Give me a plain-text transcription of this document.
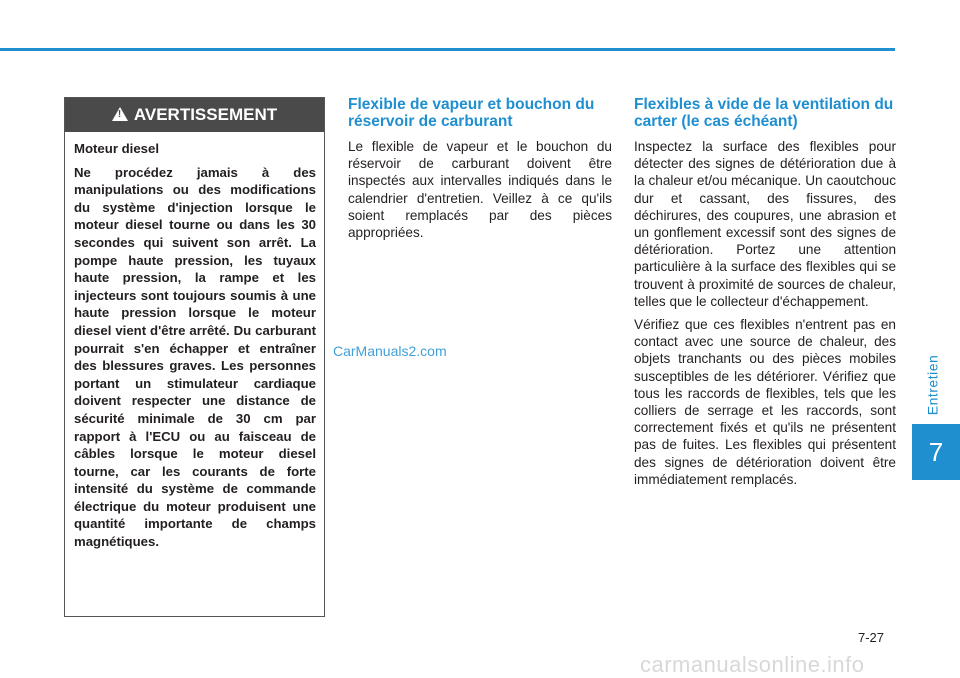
Entretien
7
!
AVERTISSEMENT

Moteur diesel

Ne procédez jamais à des manipulations ou des modifications du système d'injection lorsque le moteur diesel tourne ou dans les 30 secondes qui suivent son arrêt. La pompe haute pression, les tuyaux haute pression, la rampe et les injecteurs sont toujours soumis à une haute pression lorsque le moteur diesel vient d'être arrêté. Du carburant pourrait s'en échapper et entraîner des blessures graves. Les personnes portant un stimulateur cardiaque doivent respecter une distance de sécurité minimale de 30 cm par rapport à l'ECU ou au faisceau de câbles lorsque le moteur diesel tourne, car les courants de forte intensité du système de commande électrique du moteur produisent une quantité importante de champs magnétiques.

Flexible de vapeur et bouchon du réservoir de carburant

Le flexible de vapeur et le bouchon du réservoir de carburant doivent être inspectés aux intervalles indiqués dans le calendrier d'entretien. Veillez à ce qu'ils soient remplacés par des pièces appropriées.

Flexibles à vide de la ventilation du carter (le cas échéant)

Inspectez la surface des flexibles pour détecter des signes de détérioration due à la chaleur et/ou mécanique. Un caoutchouc dur et cassant, des fissures, des déchirures, des coupures, une abrasion et un gonflement excessif sont des signes de détérioration. Portez une attention particulière à la surface des flexibles qui se trouvent à proximité de sources de chaleur, telles que le collecteur d'échappement.

Vérifiez que ces flexibles n'entrent pas en contact avec une source de chaleur, des objets tranchants ou des pièces mobiles susceptibles de les détériorer. Vérifiez que tous les raccords de flexibles, tels que les colliers de serrage et les raccords, sont correctement fixés et qu'ils ne présentent pas de fuites. Les flexibles qui présentent des signes de détérioration doivent être immédiatement remplacés.

CarManuals2.com
7-27
carmanualsonline.info
